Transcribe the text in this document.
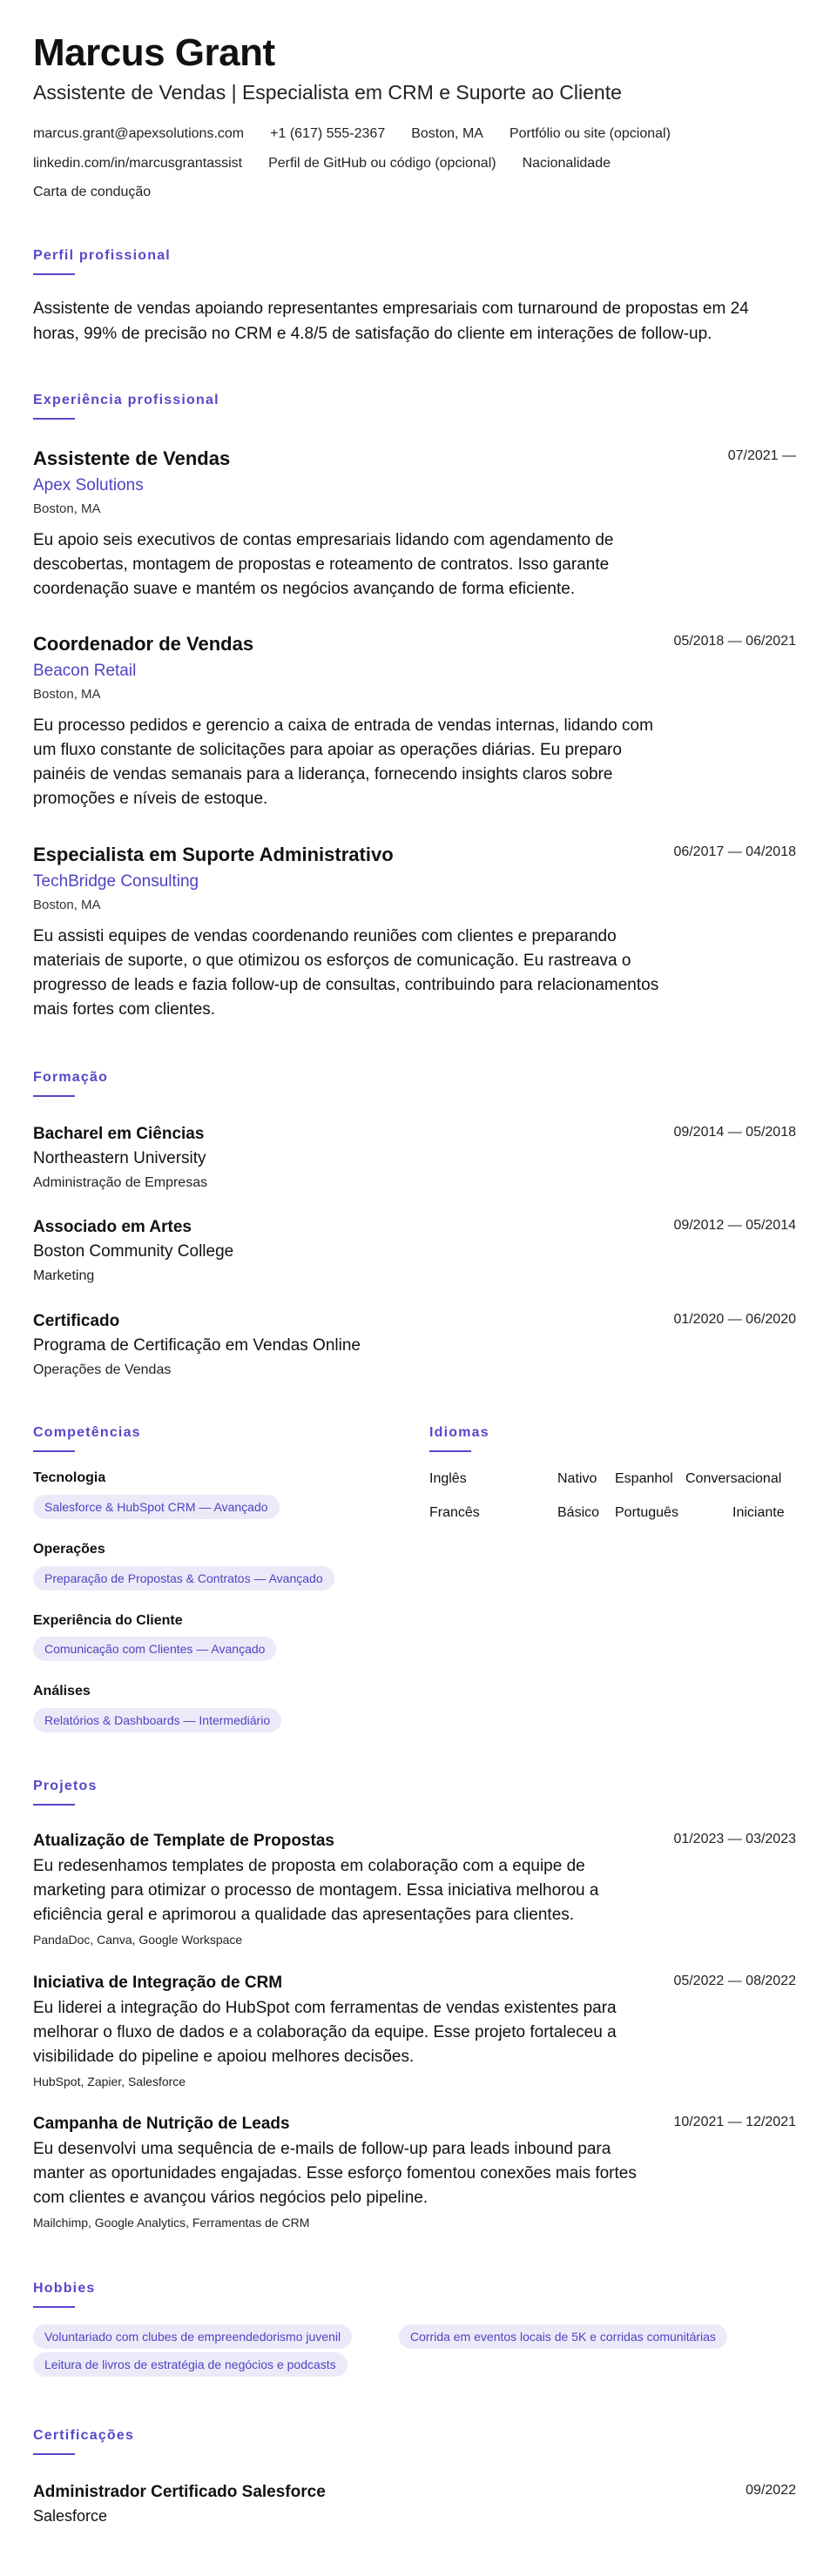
Marcus Grant
Assistente de Vendas | Especialista em CRM e Suporte ao Cliente
marcus.grant@apexsolutions.com +1 (617) 555-2367 Boston, MA Portfólio ou site (opcional)
linkedin.com/in/marcusgrantassist Perfil de GitHub ou código (opcional) Nacionalidade
Carta de condução
Perfil profissional
Assistente de vendas apoiando representantes empresariais com turnaround de propostas em 24 horas, 99% de precisão no CRM e 4.8/5 de satisfação do cliente em interações de follow-up.
Experiência profissional
Assistente de Vendas
Apex Solutions
Boston, MA
Eu apoio seis executivos de contas empresariais lidando com agendamento de descobertas, montagem de propostas e roteamento de contratos. Isso garante coordenação suave e mantém os negócios avançando de forma eficiente.
07/2021 —
Coordenador de Vendas
Beacon Retail
Boston, MA
Eu processo pedidos e gerencio a caixa de entrada de vendas internas, lidando com um fluxo constante de solicitações para apoiar as operações diárias. Eu preparo painéis de vendas semanais para a liderança, fornecendo insights claros sobre promoções e níveis de estoque.
05/2018 — 06/2021
Especialista em Suporte Administrativo
TechBridge Consulting
Boston, MA
Eu assisti equipes de vendas coordenando reuniões com clientes e preparando materiais de suporte, o que otimizou os esforços de comunicação. Eu rastreava o progresso de leads e fazia follow-up de consultas, contribuindo para relacionamentos mais fortes com clientes.
06/2017 — 04/2018
Formação
Bacharel em Ciências
Northeastern University
Administração de Empresas
09/2014 — 05/2018
Associado em Artes
Boston Community College
Marketing
09/2012 — 05/2014
Certificado
Programa de Certificação em Vendas Online
Operações de Vendas
01/2020 — 06/2020
Competências
Tecnologia
Salesforce & HubSpot CRM — Avançado
Operações
Preparação de Propostas & Contratos — Avançado
Experiência do Cliente
Comunicação com Clientes — Avançado
Análises
Relatórios & Dashboards — Intermediário
Idiomas
Inglês	Nativo Espanhol Conversacional
Francês	Básico Português	Iniciante
Projetos
Atualização de Template de Propostas
Eu redesenhamos templates de proposta em colaboração com a equipe de marketing para otimizar o processo de montagem. Essa iniciativa melhorou a eficiência geral e aprimorou a qualidade das apresentações para clientes.
PandaDoc, Canva, Google Workspace
01/2023 — 03/2023
Iniciativa de Integração de CRM
Eu liderei a integração do HubSpot com ferramentas de vendas existentes para melhorar o fluxo de dados e a colaboração da equipe. Esse projeto fortaleceu a visibilidade do pipeline e apoiou melhores decisões.
HubSpot, Zapier, Salesforce
05/2022 — 08/2022
Campanha de Nutrição de Leads
Eu desenvolvi uma sequência de e-mails de follow-up para leads inbound para manter as oportunidades engajadas. Esse esforço fomentou conexões mais fortes com clientes e avançou vários negócios pelo pipeline.
Mailchimp, Google Analytics, Ferramentas de CRM
10/2021 — 12/2021
Hobbies
Voluntariado com clubes de empreendedorismo juvenil	Corrida em eventos locais de 5K e corridas comunitárias
Leitura de livros de estratégia de negócios e podcasts
Certificações
Administrador Certificado Salesforce
Salesforce
09/2022
